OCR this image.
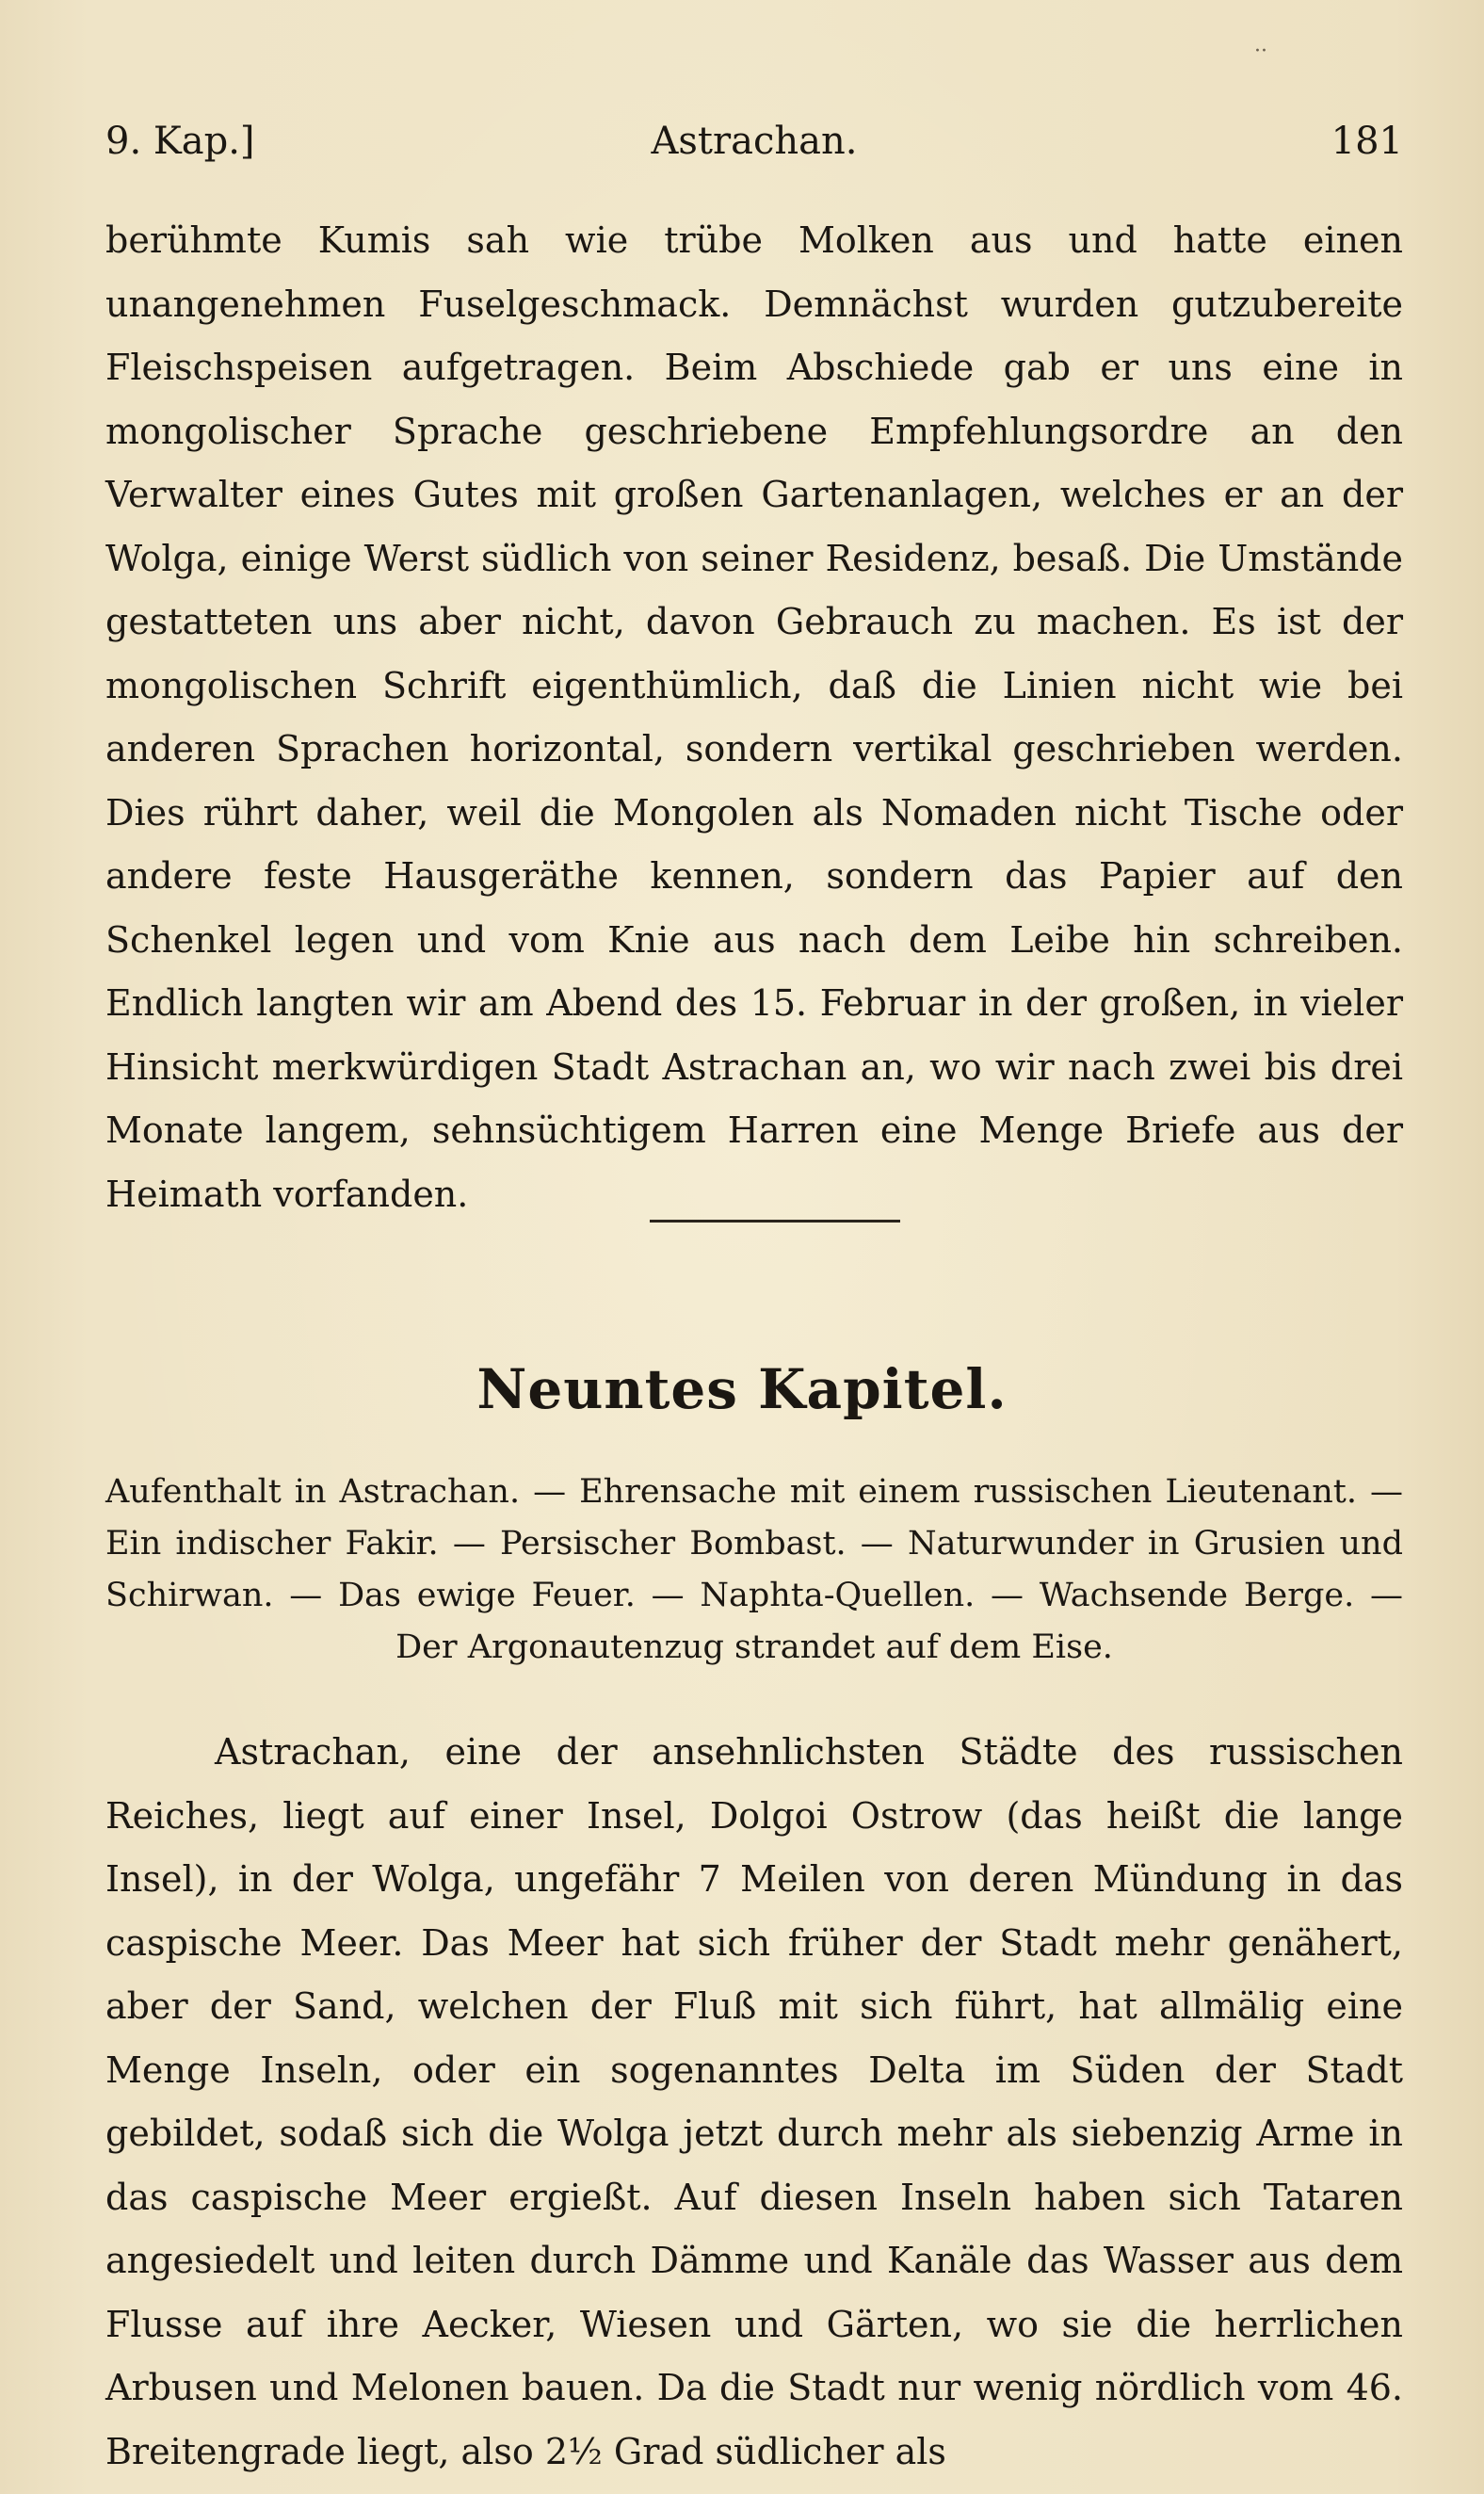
··
9. Kap.]	Astrachan.	181

berühmte Kumis sah wie trübe Molken aus und hatte einen unangenehmen Fuselgeschmack. Demnächst wurden gutzubereite Fleischspeisen aufgetragen. Beim Abschiede gab er uns eine in mongolischer Sprache geschriebene Empfehlungsordre an den Verwalter eines Gutes mit großen Gartenanlagen, welches er an der Wolga, einige Werst südlich von seiner Residenz, besaß. Die Umstände gestatteten uns aber nicht, davon Gebrauch zu machen. Es ist der mongolischen Schrift eigenthümlich, daß die Linien nicht wie bei anderen Sprachen horizontal, sondern vertikal geschrieben werden. Dies rührt daher, weil die Mongolen als Nomaden nicht Tische oder andere feste Hausgeräthe kennen, sondern das Papier auf den Schenkel legen und vom Knie aus nach dem Leibe hin schreiben. Endlich langten wir am Abend des 15. Februar in der großen, in vieler Hinsicht merkwürdigen Stadt Astrachan an, wo wir nach zwei bis drei Monate langem, sehnsüchtigem Harren eine Menge Briefe aus der Heimath vorfanden.

Neuntes Kapitel.

Aufenthalt in Astrachan. — Ehrensache mit einem russischen Lieutenant. — Ein indischer Fakir. — Persischer Bombast. — Naturwunder in Grusien und Schirwan. — Das ewige Feuer. — Naphta-Quellen. — Wachsende Berge. — Der Argonautenzug strandet auf dem Eise.

Astrachan, eine der ansehnlichsten Städte des russischen Reiches, liegt auf einer Insel, Dolgoi Ostrow (das heißt die lange Insel), in der Wolga, ungefähr 7 Meilen von deren Mündung in das caspische Meer. Das Meer hat sich früher der Stadt mehr genähert, aber der Sand, welchen der Fluß mit sich führt, hat allmälig eine Menge Inseln, oder ein sogenanntes Delta im Süden der Stadt gebildet, sodaß sich die Wolga jetzt durch mehr als siebenzig Arme in das caspische Meer ergießt. Auf diesen Inseln haben sich Tataren angesiedelt und leiten durch Dämme und Kanäle das Wasser aus dem Flusse auf ihre Aecker, Wiesen und Gärten, wo sie die herrlichen Arbusen und Melonen bauen. Da die Stadt nur wenig nördlich vom 46. Breitengrade liegt, also 2½ Grad südlicher als
